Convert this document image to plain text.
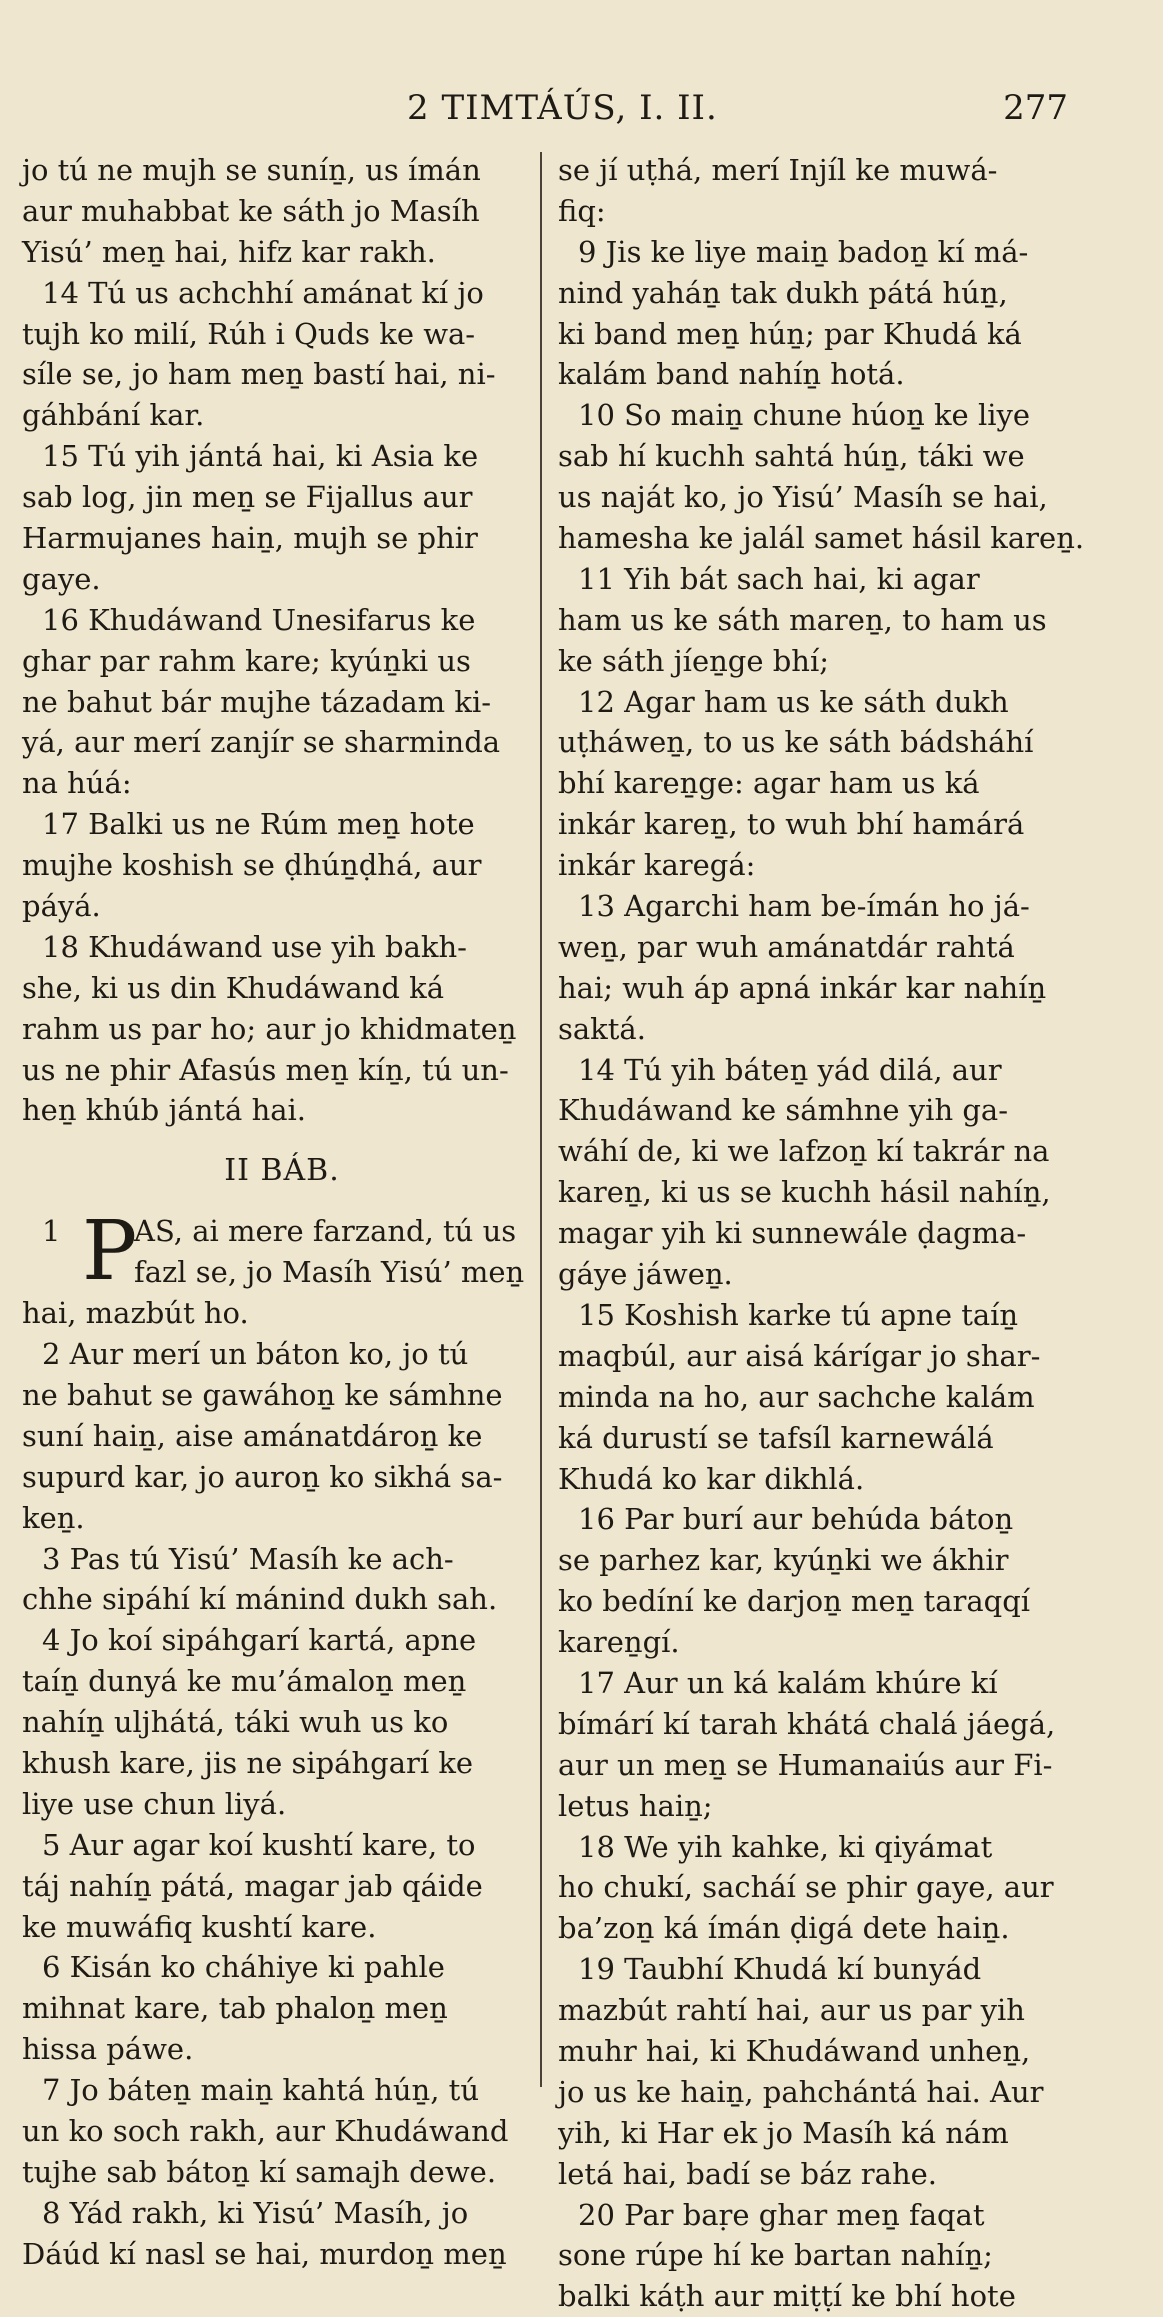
2 TIMTÁÚS, I. II.	277
jo tú ne mujh se suníṉ, us ímán
aur muhabbat ke sáth jo Masíh
Yisú’ meṉ hai, hifz kar rakh.
14 Tú us achchhí amánat kí jo
tujh ko milí, Rúh i Quds ke wa-
síle se, jo ham meṉ bastí hai, ni-
gáhbání kar.
15 Tú yih jántá hai, ki Asia ke
sab log, jin meṉ se Fijallus aur
Harmujanes haiṉ, mujh se phir
gaye.
16 Khudáwand Unesifarus ke
ghar par rahm kare; kyúṉki us
ne bahut bár mujhe tázadam ki-
yá, aur merí zanjír se sharminda
na húá:
17 Balki us ne Rúm meṉ hote
mujhe koshish se ḍhúṉḍhá, aur
páyá.
18 Khudáwand use yih bakh-
she, ki us din Khudáwand ká
rahm us par ho; aur jo khidmateṉ
us ne phir Afasús meṉ kíṉ, tú un-
heṉ khúb jántá hai.
II BÁB.
1 P
AS, ai mere farzand, tú us
fazl se, jo Masíh Yisú’ meṉ
hai, mazbút ho.
2 Aur merí un báton ko, jo tú
ne bahut se gawáhoṉ ke sámhne
suní haiṉ, aise amánatdároṉ ke
supurd kar, jo auroṉ ko sikhá sa-
keṉ.
3 Pas tú Yisú’ Masíh ke ach-
chhe sipáhí kí mánind dukh sah.
4 Jo koí sipáhgarí kartá, apne
taíṉ dunyá ke mu’ámaloṉ meṉ
nahíṉ uljhátá, táki wuh us ko
khush kare, jis ne sipáhgarí ke
liye use chun liyá.
5 Aur agar koí kushtí kare, to
táj nahíṉ pátá, magar jab qáide
ke muwáfiq kushtí kare.
6 Kisán ko cháhiye ki pahle
mihnat kare, tab phaloṉ meṉ
hissa páwe.
7 Jo báteṉ maiṉ kahtá húṉ, tú
un ko soch rakh, aur Khudáwand
tujhe sab bátoṉ kí samajh dewe.
8 Yád rakh, ki Yisú’ Masíh, jo
Dáúd kí nasl se hai, murdoṉ meṉ
se jí uṭhá, merí Injíl ke muwá-
fiq:
9 Jis ke liye maiṉ badoṉ kí má-
nind yaháṉ tak dukh pátá húṉ,
ki band meṉ húṉ; par Khudá ká
kalám band nahíṉ hotá.
10 So maiṉ chune húoṉ ke liye
sab hí kuchh sahtá húṉ, táki we
us naját ko, jo Yisú’ Masíh se hai,
hamesha ke jalál samet hásil kareṉ.
11 Yih bát sach hai, ki agar
ham us ke sáth mareṉ, to ham us
ke sáth jíeṉge bhí;
12 Agar ham us ke sáth dukh
uṭháweṉ, to us ke sáth bádsháhí
bhí kareṉge: agar ham us ká
inkár kareṉ, to wuh bhí hamárá
inkár karegá:
13 Agarchi ham be-ímán ho já-
weṉ, par wuh amánatdár rahtá
hai; wuh áp apná inkár kar nahíṉ
saktá.
14 Tú yih báteṉ yád dilá, aur
Khudáwand ke sámhne yih ga-
wáhí de, ki we lafzoṉ kí takrár na
kareṉ, ki us se kuchh hásil nahíṉ,
magar yih ki sunnewále ḍagma-
gáye jáweṉ.
15 Koshish karke tú apne taíṉ
maqbúl, aur aisá kárígar jo shar-
minda na ho, aur sachche kalám
ká durustí se tafsíl karnewálá
Khudá ko kar dikhlá.
16 Par burí aur behúda bátoṉ
se parhez kar, kyúṉki we ákhir
ko bedíní ke darjoṉ meṉ taraqqí
kareṉgí.
17 Aur un ká kalám khúre kí
bímárí kí tarah khátá chalá jáegá,
aur un meṉ se Humanaiús aur Fi-
letus haiṉ;
18 We yih kahke, ki qiyámat
ho chukí, sacháí se phir gaye, aur
ba’zoṉ ká ímán ḍigá dete haiṉ.
19 Taubhí Khudá kí bunyád
mazbút rahtí hai, aur us par yih
muhr hai, ki Khudáwand unheṉ,
jo us ke haiṉ, pahchántá hai. Aur
yih, ki Har ek jo Masíh ká nám
letá hai, badí se báz rahe.
20 Par baṛe ghar meṉ faqat
sone rúpe hí ke bartan nahíṉ;
balki káṭh aur miṭṭí ke bhí hote
